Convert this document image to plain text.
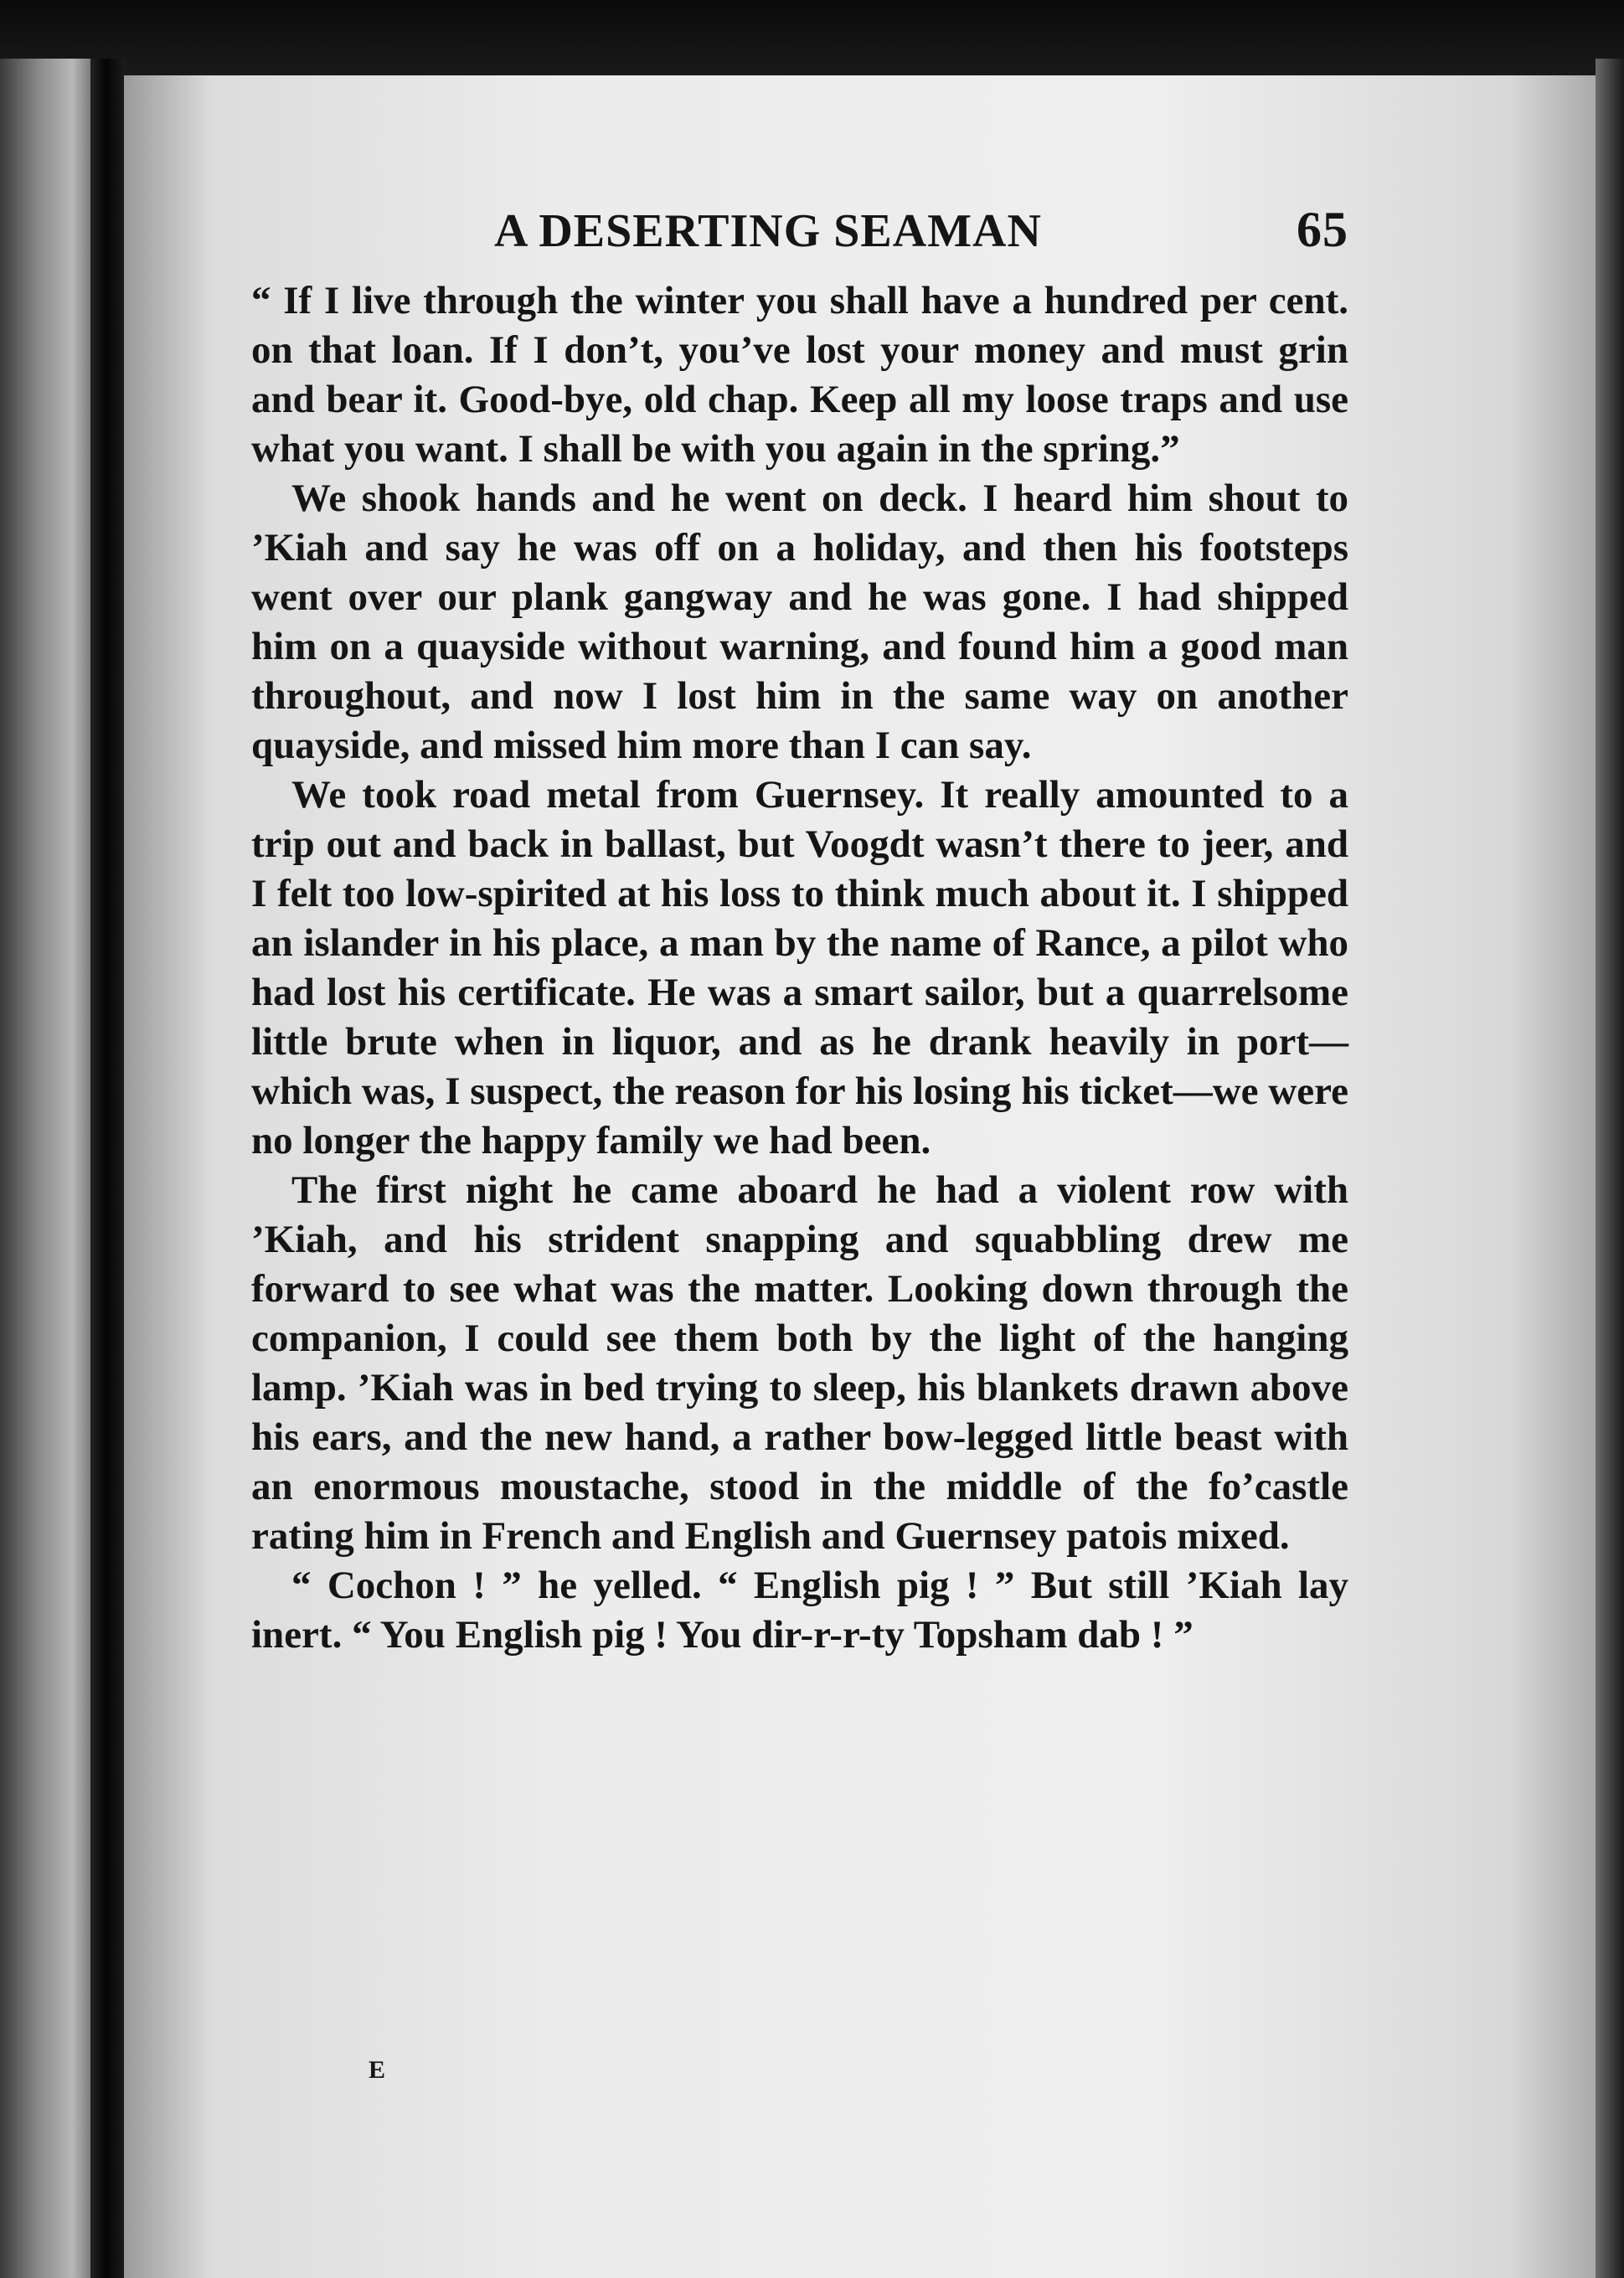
A DESERTING SEAMAN	65

“ If I live through the winter you shall have a hundred per cent. on that loan. If I don’t, you’ve lost your money and must grin and bear it. Good-bye, old chap. Keep all my loose traps and use what you want. I shall be with you again in the spring.”

We shook hands and he went on deck. I heard him shout to ’Kiah and say he was off on a holiday, and then his footsteps went over our plank gangway and he was gone. I had shipped him on a quayside without warning, and found him a good man throughout, and now I lost him in the same way on another quayside, and missed him more than I can say.

We took road metal from Guernsey. It really amounted to a trip out and back in ballast, but Voogdt wasn’t there to jeer, and I felt too low-spirited at his loss to think much about it. I shipped an islander in his place, a man by the name of Rance, a pilot who had lost his certificate. He was a smart sailor, but a quarrelsome little brute when in liquor, and as he drank heavily in port—which was, I suspect, the reason for his losing his ticket—we were no longer the happy family we had been.

The first night he came aboard he had a violent row with ’Kiah, and his strident snapping and squabbling drew me forward to see what was the matter. Looking down through the companion, I could see them both by the light of the hanging lamp. ’Kiah was in bed trying to sleep, his blankets drawn above his ears, and the new hand, a rather bow-legged little beast with an enormous moustache, stood in the middle of the fo’castle rating him in French and English and Guernsey patois mixed.

“ Cochon ! ” he yelled. “ English pig ! ” But still ’Kiah lay inert. “ You English pig ! You dir-r-r-ty Topsham dab ! ”

E
